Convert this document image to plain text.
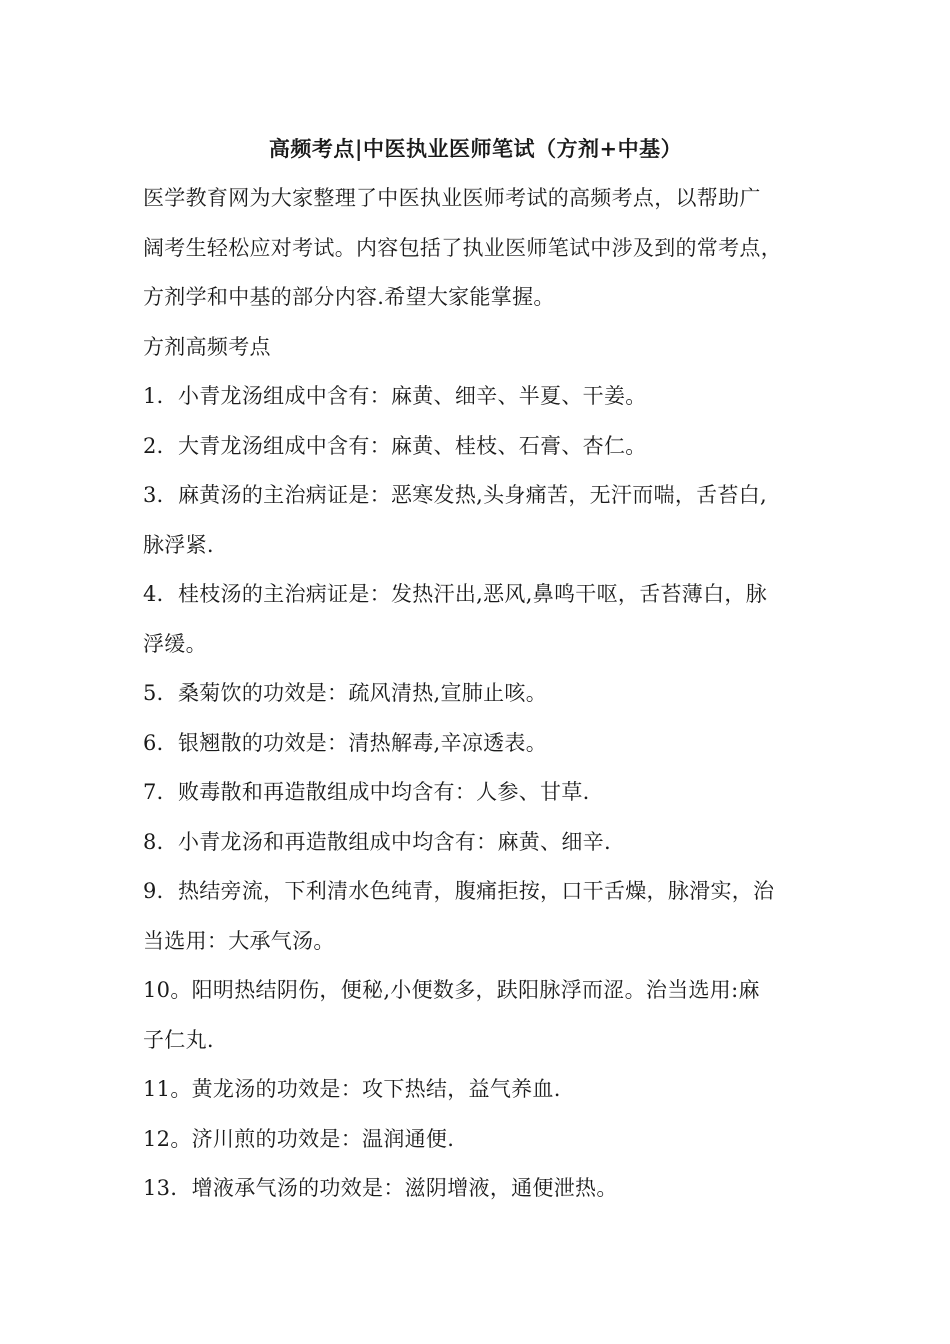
高频考点|中医执业医师笔试（方剂+中基）

医学教育网为大家整理了中医执业医师考试的高频考点，以帮助广

阔考生轻松应对考试。内容包括了执业医师笔试中涉及到的常考点，

方剂学和中基的部分内容.希望大家能掌握。

方剂高频考点

1．小青龙汤组成中含有：麻黄、细辛、半夏、干姜。

2．大青龙汤组成中含有：麻黄、桂枝、石膏、杏仁。

3．麻黄汤的主治病证是：恶寒发热,头身痛苦，无汗而喘，舌苔白,

脉浮紧.

4．桂枝汤的主治病证是：发热汗出,恶风,鼻鸣干呕，舌苔薄白，脉

浮缓。

5．桑菊饮的功效是：疏风清热,宣肺止咳。

6．银翘散的功效是：清热解毒,辛凉透表。

7．败毒散和再造散组成中均含有：人参、甘草.

8．小青龙汤和再造散组成中均含有：麻黄、细辛.

9．热结旁流，下利清水色纯青，腹痛拒按，口干舌燥，脉滑实，治

当选用：大承气汤。

10。阳明热结阴伤，便秘,小便数多，趺阳脉浮而涩。治当选用:麻

子仁丸.

11。黄龙汤的功效是：攻下热结，益气养血.

12。济川煎的功效是：温润通便.

13．增液承气汤的功效是：滋阴增液，通便泄热。
